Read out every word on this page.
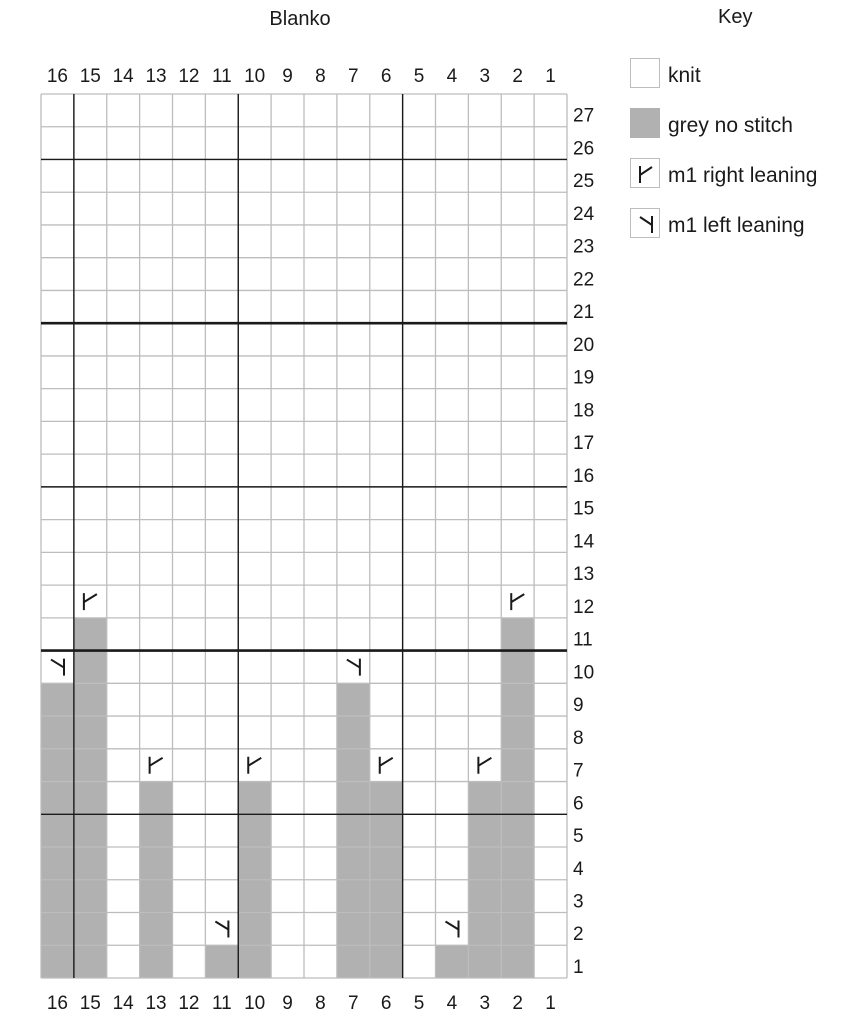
Blanko
16
16
15
15
14
14
13
13
12
12
11
11
10
10
9
9
8
8
7
7
6
6
5
5
4
4
3
3
2
2
1
1
1
2
3
4
5
6
7
8
9
10
11
12
13
14
15
16
17
18
19
20
21
22
23
24
25
26
27
Key
knit
grey no stitch
m1 right leaning
m1 left leaning
